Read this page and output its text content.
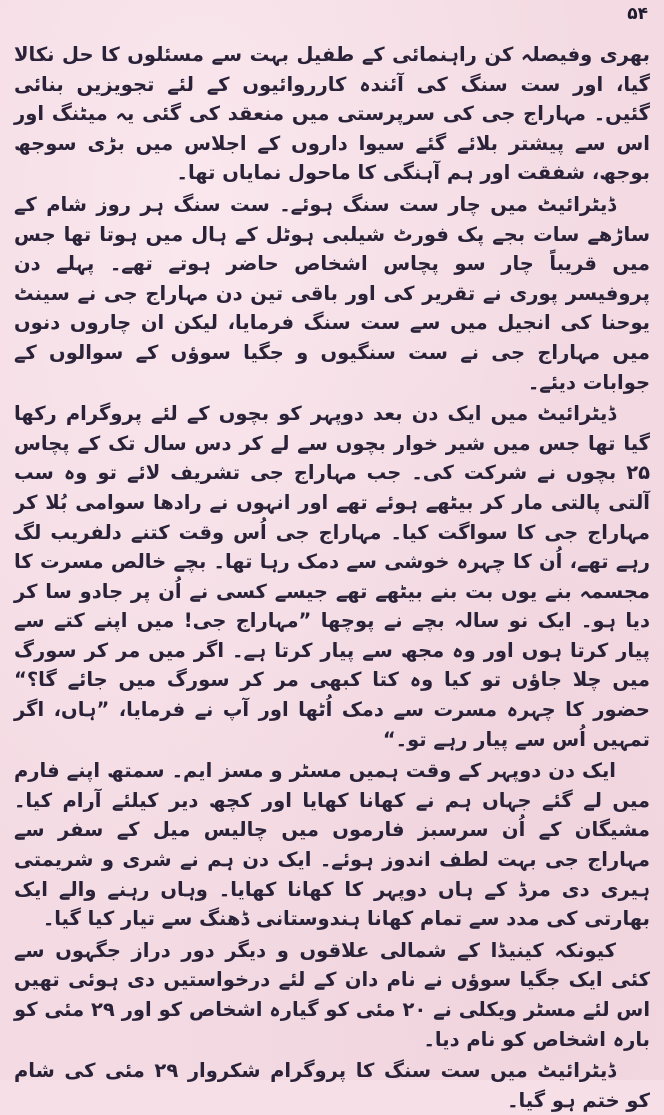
۵۴

بھری وفیصلہ کن راہنمائی کے طفیل بہت سے مسئلوں کا حل نکالا گیا، اور ست سنگ کی آئندہ کارروائیوں کے لئے تجویزیں بنائی گئیں۔ مہاراج جی کی سرپرستی میں منعقد کی گئی یہ میٹنگ اور اس سے پیشتر بلائے گئے سیوا داروں کے اجلاس میں بڑی سوجھ بوجھ، شفقت اور ہم آہنگی کا ماحول نمایاں تھا۔

ڈیٹرائیٹ میں چار ست سنگ ہوئے۔ ست سنگ ہر روز شام کے ساڑھے سات بجے پک فورٹ شیلبی ہوٹل کے ہال میں ہوتا تھا جس میں قریباً چار سو پچاس اشخاص حاضر ہوتے تھے۔ پہلے دن پروفیسر پوری نے تقریر کی اور باقی تین دن مہاراج جی نے سینٹ یوحنا کی انجیل میں سے ست سنگ فرمایا، لیکن ان چاروں دنوں میں مہاراج جی نے ست سنگیوں و جگیا سوؤں کے سوالوں کے جوابات دیئے۔

ڈیٹرائیٹ میں ایک دن بعد دوپہر کو بچوں کے لئے پروگرام رکھا گیا تھا جس میں شیر خوار بچوں سے لے کر دس سال تک کے پچاس ۲۵ بچوں نے شرکت کی۔ جب مہاراج جی تشریف لائے تو وہ سب آلتی پالتی مار کر بیٹھے ہوئے تھے اور انہوں نے رادھا سوامی بُلا کر مہاراج جی کا سواگت کیا۔ مہاراج جی اُس وقت کتنے دلفریب لگ رہے تھے، اُن کا چہرہ خوشی سے دمک رہا تھا۔ بچے خالص مسرت کا مجسمہ بنے یوں بت بنے بیٹھے تھے جیسے کسی نے اُن پر جادو سا کر دیا ہو۔ ایک نو سالہ بچے نے پوچھا ”مہاراج جی! میں اپنے کتے سے پیار کرتا ہوں اور وہ مجھ سے پیار کرتا ہے۔ اگر میں مر کر سورگ میں چلا جاؤں تو کیا وہ کتا کبھی مر کر سورگ میں جائے گا؟“ حضور کا چہرہ مسرت سے دمک اُٹھا اور آپ نے فرمایا، ”ہاں، اگر تمہیں اُس سے پیار رہے تو۔“

ایک دن دوپہر کے وقت ہمیں مسٹر و مسز ایم۔ سمتھ اپنے فارم میں لے گئے جہاں ہم نے کھانا کھایا اور کچھ دیر کیلئے آرام کیا۔ مشیگان کے اُن سرسبز فارموں میں چالیس میل کے سفر سے مہاراج جی بہت لطف اندوز ہوئے۔ ایک دن ہم نے شری و شریمتی ہیری دی مرڈ کے ہاں دوپہر کا کھانا کھایا۔ وہاں رہنے والے ایک بھارتی کی مدد سے تمام کھانا ہندوستانی ڈھنگ سے تیار کیا گیا۔

کیونکہ کینیڈا کے شمالی علاقوں و دیگر دور دراز جگہوں سے کئی ایک جگیا سوؤں نے نام دان کے لئے درخواستیں دی ہوئی تھیں اس لئے مسٹر ویکلی نے ۲۰ مئی کو گیارہ اشخاص کو اور ۲۹ مئی کو بارہ اشخاص کو نام دیا۔

ڈیٹرائیٹ میں ست سنگ کا پروگرام شکروار ۲۹ مئی کی شام کو ختم ہو گیا۔
